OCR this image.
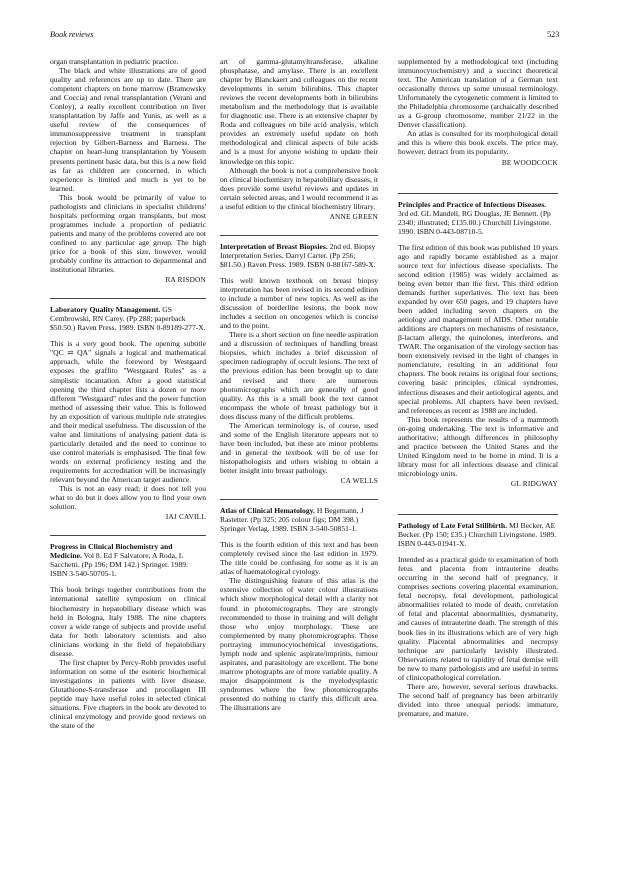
Book reviews	523

organ transplantation in pediatric practice.

The black and white illustrations are of good quality and references are up to date. There are competent chapters on bone marrow (Bramowsky and Coccia) and renal transplantation (Verani and Conley), a really excellent contribution on liver transplantation by Jaffe and Yunis, as well as a useful review of the consequences of immunosuppressive treatment in transplant rejection by Gilbert-Barness and Barness. The chapter on heart-lung transplantation by Yousem presents pertinent basic data, but this is a new field as far as children are concerned, in which experience is limited and much is yet to be learned.

This book would be primarily of value to pathologists and clinicians in specialist childrens' hospitals performing organ transplants, but most programmes include a proportion of pediatric patients and many of the problems covered are not confined to any particular age group. The high price for a book of this size, however, would probably confine its attraction to departmental and institutional libraries.

RA RISDON

Laboratory Quality Management. GS Cembrowski, RN Carey. (Pp 288; paperback $50.50.) Raven Press. 1989. ISBN 0-89189-277-X.

This is a very good book. The opening subtitle "QC ⇌ QA" signals a logical and mathematical approach, while the foreword by Westgaard exposes the graffito "Westgaard Rules" as a simplistic incantation. After a good statistical opening the third chapter lists a dozen or more different "Westgaard" rules and the power function method of assessing their value. This is followed by an exposition of various multiple rule strategies and their medical usefulness. The discussion of the value and limitations of analysing patient data is particularly detailed and the need to continue to use control materials is emphasised. The final few words on external proficiency testing and the requirements for accreditation will be increasingly relevant beyond the American target audience.

This is not an easy read; it does not tell you what to do but it does allow you to find your own solution.

IAJ CAVILL

Progress in Clinical Biochemistry and Medicine. Vol 8. Ed F Salvatore, A Roda, L Sacchetti. (Pp 196; DM 142.) Springer. 1989. ISBN 3-540-50705-1.

This book brings together contributions from the international satellite symposium on clinical biochemistry in hepatobiliary disease which was held in Bologna, Italy 1988. The nine chapters cover a wide range of subjects and provide useful data for both laboratory scientists and also clinicians working in the field of hepatobiliary disease.

The first chapter by Percy-Robb provides useful information on some of the esoteric biochemical investigations in patients with liver disease. Glutathione-S-transferase and procollagen III peptide may have useful roles in selected clinical situations. Five chapters in the book are devoted to clinical enzymology and provide good reviews on the state of the

art of gamma-glutamyltransferase, alkaline phosphatase, and amylase. There is an excellent chapter by Blanckaert and colleagues on the recent developments in serum bilirubins. This chapter reviews the recent developments both in bilirubins metabolism and the methodology that is available for diagnostic use. There is an extensive chapter by Roda and colleagues on bile acid analysis, which provides an extremely useful update on both methodological and clinical aspects of bile acids and is a must for anyone wishing to update their knowledge on this topic.

Although the book is not a comprehensive book on clinical biochemistry in hepatobiliary diseases, it does provide some useful reviews and updates in certain selected areas, and I would recommend it as a useful edition to the clinical biochemistry library.

ANNE GREEN

Interpretation of Breast Biopsies. 2nd ed. Biopsy Interpretation Series. Darryl Carter. (Pp 256; $81.50.) Raven Press. 1989. ISBN 0-88167-589-X.

This well known textbook on breast biopsy interpretation has been revised in its second edition to include a number of new topics. As well as the discussion of borderline lesions, the book now includes a section on oncogenes which is concise and to the point.

There is a short section on fine needle aspiration and a discussion of techniques of handling breast biopsies, which includes a brief discussion of specimen radiography of occult lesions. The text of the previous edition has been brought up to date and revised and there are numerous photomicrographs which are generally of good quality. As this is a small book the text cannot encompass the whole of breast pathology but it does discuss many of the difficult problems.

The American terminology is, of course, used and some of the English literature appears not to have been included, but these are minor problems and in general the textbook will be of use for histopathologists and others wishing to obtain a better insight into breast pathology.

CA WELLS

Atlas of Clinical Hematology. H Begemann, J Rastetter. (Pp 325; 205 colour figs; DM 398.) Springer Verlag. 1989. ISBN 3-540-50851-1.

This is the fourth edition of this text and has been completely revised since the last edition in 1979. The title could be confusing for some as it is an atlas of haematological cytology.

The distinguishing feature of this atlas is the extensive collection of water colour illustrations which show morphological detail with a clarity not found in photomicrographs. They are strongly recommended to those in training and will delight those who enjoy morphology. These are complemented by many photomicrographs. Those portraying immunocytochemical investigations, lymph node and splenic aspirate/imprints, tumour aspirates, and parasitology are excellent. The bone marrow photographs are of more variable quality. A major disappointment is the myelodysplastic syndromes where the few photomicrographs presented do nothing to clarify this difficult area. The illustrations are

supplemented by a methodological text (including immunocytochemistry) and a succinct theoretical text. The American translation of a German text occasionally throws up some unusual terminology. Unfortunately the cytogenetic comment is limited to the Philadelphia chromosome (archaically described as a G-group chromosome, number 21/22 in the Denver classification).

An atlas is consulted for its morphological detail and this is where this book excels. The price may, however, detract from its popularity.

BE WOODCOCK

Principles and Practice of Infectious Diseases. 3rd ed. GL Mandell, RG Douglas, JE Bennett. (Pp 2340; illustrated; £135.00.) Churchill Livingstone. 1990. ISBN 0-443-08710-5.

The first edition of this book was published 10 years ago and rapidly became established as a major source text for infectious disease specialists. The second edition (1985) was widely acclaimed as being even better than the first. This third edition demands further superlatives. The text has been expanded by over 650 pages, and 19 chapters have been added including seven chapters on the aetiology and management of AIDS. Other notable additions are chapters on mechanisms of resistance, β-lactam allergy, the quinolones, interferons, and TWAR. The organisation of the virology section has been extensively revised in the light of changes in nomenclature, resulting in an additional four chapters. The book retains its original four sections, covering basic principles, clinical syndromes, infectious diseases and their aetiological agents, and special problems. All chapters have been revised, and references as recent as 1988 are included.

This book represents the results of a mammoth on-going undertaking. The text is informative and authoritative; although differences in philosophy and practice between the United States and the United Kingdom need to be borne in mind. It is a library must for all infectious disease and clinical microbiology units.

GL RIDGWAY

Pathology of Late Fetal Stillbirth. MJ Becker, AE Becker. (Pp 150; £35.) Churchill Livingstone. 1989. ISBN 0-443-01941-X.

Intended as a practical guide to examination of both fetus and placenta from intrauterine deaths occurring in the second half of pregnancy, it comprises sections covering placental examination, fetal necropsy, fetal development, pathological abnormalities related to mode of death, correlation of fetal and placental abnormalities, dysmaturity, and causes of intrauterine death. The strength of this book lies in its illustrations which are of very high quality. Placental abnormalities and necropsy technique are particularly lavishly illustrated. Observations related to rapidity of fetal demise will be new to many pathologists and are useful in terms of clinicopathological correlation.

There are, however, several serious drawbacks. The second half of pregnancy has been arbitrarily divided into three unequal periods: immature, premature, and mature.
